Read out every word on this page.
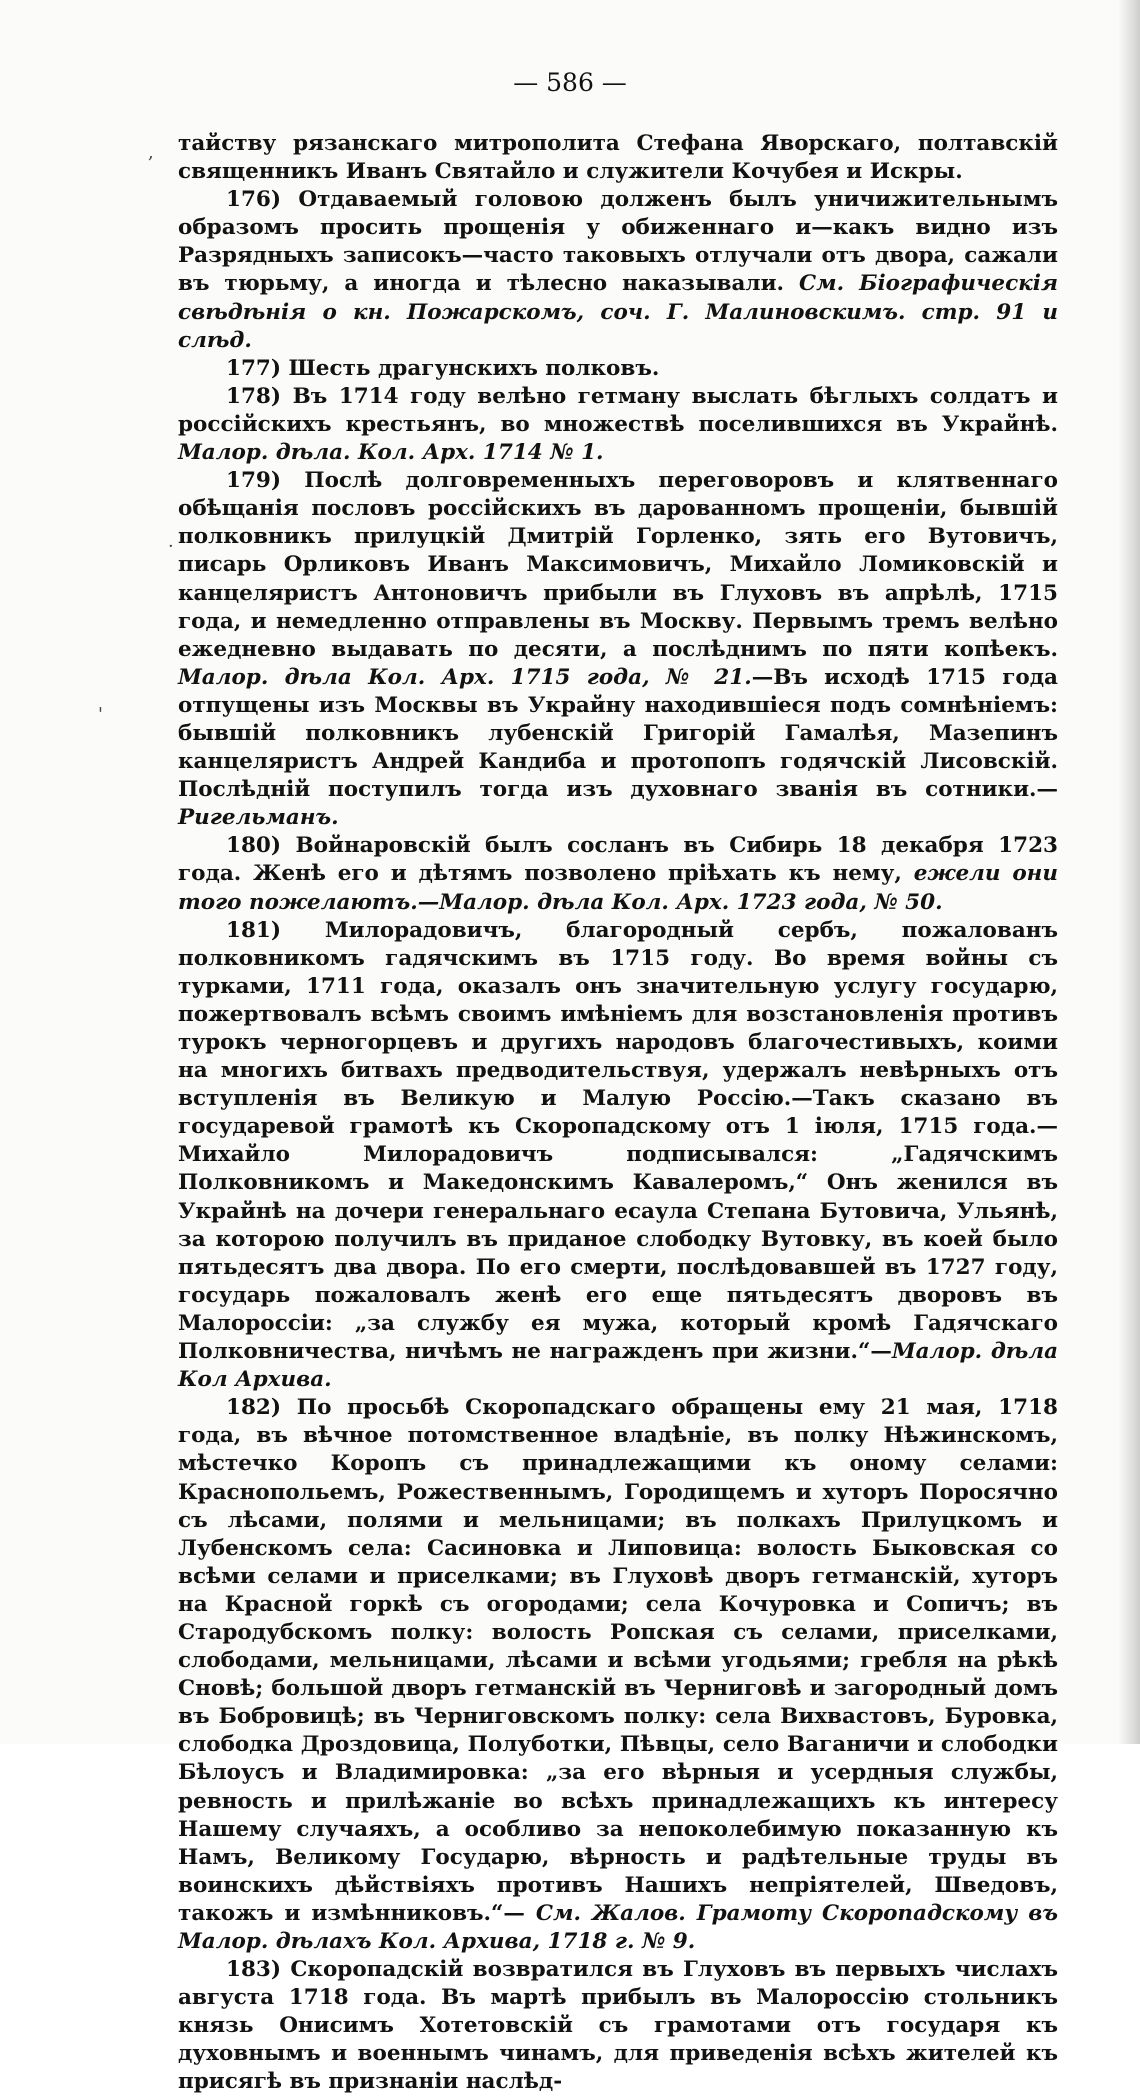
,
'
·
— 586 —

тайству рязанскаго митрополита Стефана Яворскаго, полтавскій священникъ Иванъ Святайло и служители Кочубея и Искры.

176) Отдаваемый головою долженъ былъ уничижительнымъ образомъ просить прощенія у обиженнаго и—какъ видно изъ Разрядныхъ записокъ—часто таковыхъ отлучали отъ двора, сажали въ тюрьму, а иногда и тѣлесно наказывали. См. Біографическія свѣдѣнія о кн. Пожарскомъ, соч. Г. Малиновскимъ. стр. 91 и слѣд.

177) Шесть драгунскихъ полковъ.

178) Въ 1714 году велѣно гетману выслать бѣглыхъ солдатъ и россійскихъ крестьянъ, во множествѣ поселившихся въ Украйнѣ. Малор. дѣла. Кол. Арх. 1714 № 1.

179) Послѣ долговременныхъ переговоровъ и клятвеннаго обѣщанія пословъ россійскихъ въ дарованномъ прощеніи, бывшій полковникъ прилуцкій Дмитрій Горленко, зять его Вутовичъ, писарь Орликовъ Иванъ Максимовичъ, Михайло Ломиковскій и канцеляристъ Антоновичъ прибыли въ Глуховъ въ апрѣлѣ, 1715 года, и немедленно отправлены въ Москву. Первымъ тремъ велѣно ежедневно выдавать по десяти, а послѣднимъ по пяти копѣекъ. Малор. дѣла Кол. Арх. 1715 года, № 21.—Въ исходѣ 1715 года отпущены изъ Москвы въ Украйну находившіеся подъ сомнѣніемъ: бывшій полковникъ лубенскій Григорій Гамалѣя, Мазепинъ канцеляристъ Андрей Кандиба и протопопъ годячскій Лисовскій. Послѣдній поступилъ тогда изъ духовнаго званія въ сотники.—Ригельманъ.

180) Войнаровскій былъ сосланъ въ Сибирь 18 декабря 1723 года. Женѣ его и дѣтямъ позволено пріѣхать къ нему, ежели они того пожелаютъ.—Малор. дѣла Кол. Арх. 1723 года, № 50.

181) Милорадовичъ, благородный сербъ, пожалованъ полковникомъ гадячскимъ въ 1715 году. Во время войны съ турками, 1711 года, оказалъ онъ значительную услугу государю, пожертвовалъ всѣмъ своимъ имѣніемъ для возстановленія противъ турокъ черногорцевъ и другихъ народовъ благочестивыхъ, коими на многихъ битвахъ предводительствуя, удержалъ невѣрныхъ отъ вступленія въ Великую и Малую Россію.—Такъ сказано въ государевой грамотѣ къ Скоропадскому отъ 1 іюля, 1715 года.—Михайло Милорадовичъ подписывался: „Гадячскимъ Полковникомъ и Македонскимъ Кавалеромъ,“ Онъ женился въ Украйнѣ на дочери генеральнаго есаула Степана Бутовича, Ульянѣ, за которою получилъ въ приданое слободку Вутовку, въ коей было пятьдесятъ два двора. По его смерти, послѣдовавшей въ 1727 году, государь пожаловалъ женѣ его еще пятьдесятъ дворовъ въ Малороссіи: „за службу ея мужа, который кромѣ Гадячскаго Полковничества, ничѣмъ не награжденъ при жизни.“—Малор. дѣла Кол Архива.

182) По просьбѣ Скоропадскаго обращены ему 21 мая, 1718 года, въ вѣчное потомственное владѣніе, въ полку Нѣжинскомъ, мѣстечко Коропъ съ принадлежащими къ оному селами: Краснопольемъ, Рожественнымъ, Городищемъ и хуторъ Поросячно съ лѣсами, полями и мельницами; въ полкахъ Прилуцкомъ и Лубенскомъ села: Сасиновка и Липовица: волость Быковская со всѣми селами и приселками; въ Глуховѣ дворъ гетманскій, хуторъ на Красной горкѣ съ огородами; села Кочуровка и Сопичъ; въ Стародубскомъ полку: волость Ропская съ селами, приселками, слободами, мельницами, лѣсами и всѣми угодьями; гребля на рѣкѣ Сновѣ; большой дворъ гетманскій въ Черниговѣ и загородный домъ въ Бобровицѣ; въ Черниговскомъ полку: села Вихвастовъ, Буровка, слободка Дроздовица, Полуботки, Пѣвцы, село Ваганичи и слободки Бѣлоусъ и Владимировка: „за его вѣрныя и усердныя службы, ревность и прилѣжаніе во всѣхъ принадлежащихъ къ интересу Нашему случаяхъ, а особливо за непоколебимую показанную къ Намъ, Великому Государю, вѣрность и радѣтельные труды въ воинскихъ дѣйствіяхъ противъ Нашихъ непріятелей, Шведовъ, такожъ и измѣнниковъ.“— См. Жалов. Грамоту Скоропадскому въ Малор. дѣлахъ Кол. Архива, 1718 г. № 9.

183) Скоропадскій возвратился въ Глуховъ въ первыхъ числахъ августа 1718 года. Въ мартѣ прибылъ въ Малороссію стольникъ князь Онисимъ Хотетовскій съ грамотами отъ государя къ духовнымъ и военнымъ чинамъ, для приведенія всѣхъ жителей къ присягѣ въ признаніи наслѣд-
